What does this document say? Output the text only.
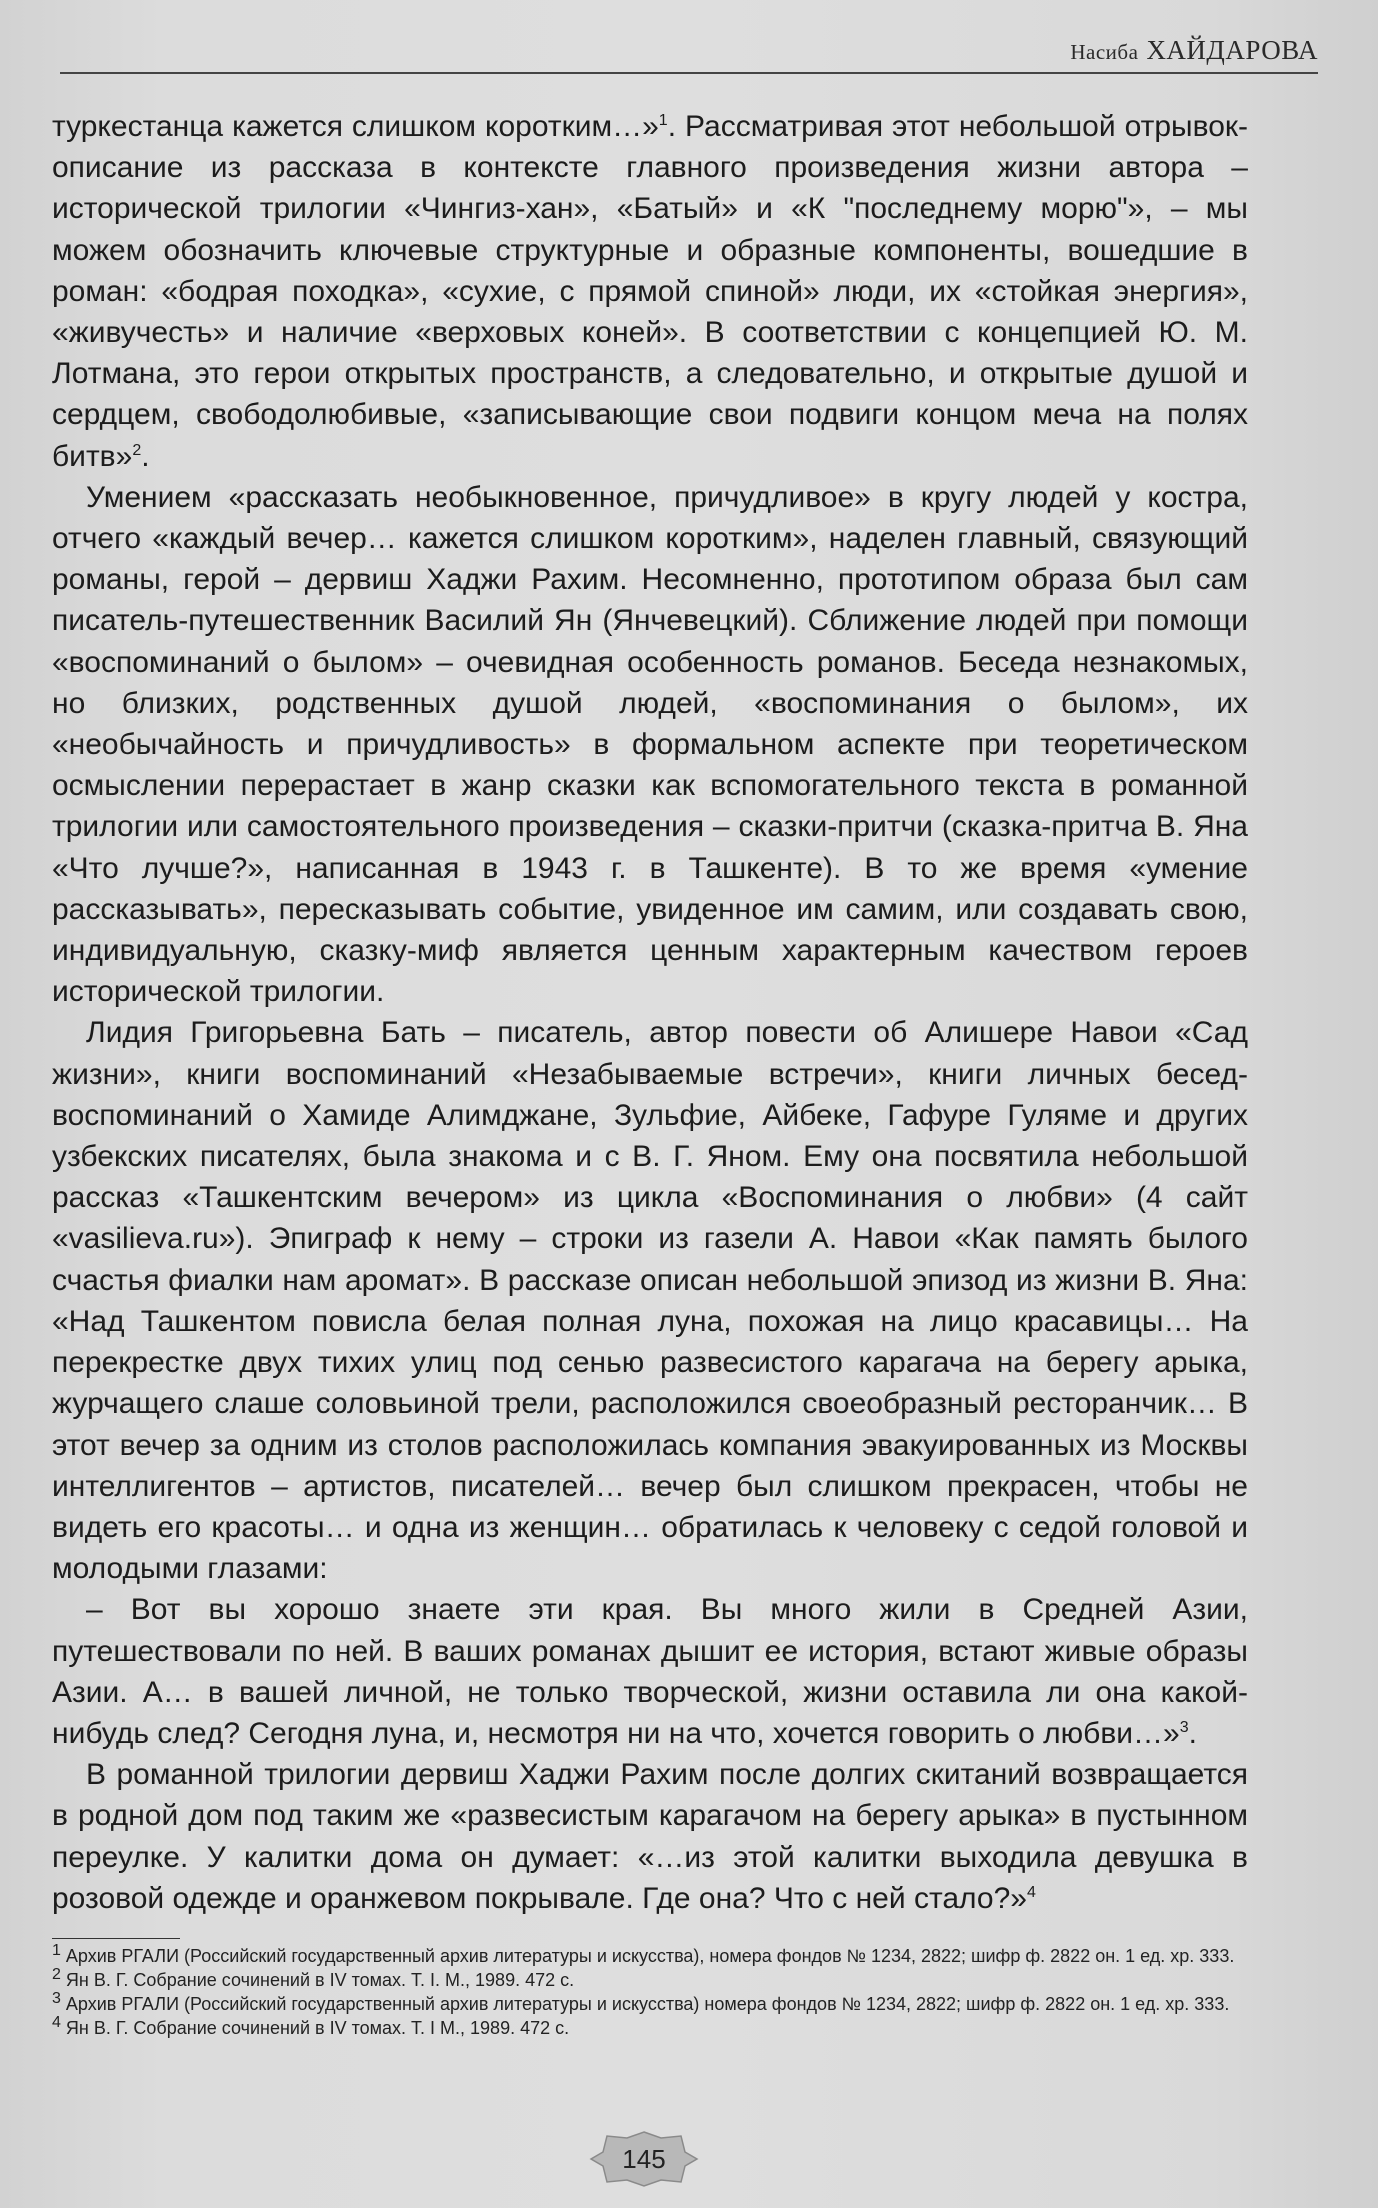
Насиба ХАЙДАРОВА

туркестанца кажется слишком коротким…»$^1$. Рассматривая этот небольшой отрывок-описание из рассказа в контексте главного произведения жизни автора – исторической трилогии «Чингиз-хан», «Батый» и «К "последнему морю"», – мы можем обозначить ключевые структурные и образные компоненты, вошедшие в роман: «бодрая походка», «сухие, с прямой спиной» люди, их «стойкая энергия», «живучесть» и наличие «верховых коней». В соответствии с концепцией Ю. М. Лотмана, это герои открытых пространств, а следовательно, и открытые душой и сердцем, свободолюбивые, «записывающие свои подвиги концом меча на полях битв»$^2$.

Умением «рассказать необыкновенное, причудливое» в кругу людей у костра, отчего «каждый вечер… кажется слишком коротким», наделен главный, связующий романы, герой – дервиш Хаджи Рахим. Несомненно, прототипом образа был сам писатель-путешественник Василий Ян (Янчевецкий). Сближение людей при помощи «воспоминаний о былом» – очевидная особенность романов. Беседа незнакомых, но близких, родственных душой людей, «воспоминания о былом», их «необычайность и причудливость» в формальном аспекте при теоретическом осмыслении перерастает в жанр сказки как вспомогательного текста в романной трилогии или самостоятельного произведения – сказки-притчи (сказка-притча В. Яна «Что лучше?», написанная в 1943 г. в Ташкенте). В то же время «умение рассказывать», пересказывать событие, увиденное им самим, или создавать свою, индивидуальную, сказку-миф является ценным характерным качеством героев исторической трилогии.

Лидия Григорьевна Бать – писатель, автор повести об Алишере Навои «Сад жизни», книги воспоминаний «Незабываемые встречи», книги личных бесед-воспоминаний о Хамиде Алимджане, Зульфие, Айбеке, Гафуре Гуляме и других узбекских писателях, была знакома и с В. Г. Яном. Ему она посвятила небольшой рассказ «Ташкентским вечером» из цикла «Воспоминания о любви» (4 сайт «vasilieva.ru»). Эпиграф к нему – строки из газели А. Навои «Как память былого счастья фиалки нам аромат». В рассказе описан небольшой эпизод из жизни В. Яна: «Над Ташкентом повисла белая полная луна, похожая на лицо красавицы… На перекрестке двух тихих улиц под сенью развесистого карагача на берегу арыка, журчащего слаше соловьиной трели, расположился своеобразный ресторанчик… В этот вечер за одним из столов расположилась компания эвакуированных из Москвы интеллигентов – артистов, писателей… вечер был слишком прекрасен, чтобы не видеть его красоты… и одна из женщин… обратилась к человеку с седой головой и молодыми глазами:

– Вот вы хорошо знаете эти края. Вы много жили в Средней Азии, путешествовали по ней. В ваших романах дышит ее история, встают живые образы Азии. А… в вашей личной, не только творческой, жизни оставила ли она какой-нибудь след? Сегодня луна, и, несмотря ни на что, хочется говорить о любви…»$^3$.

В романной трилогии дервиш Хаджи Рахим после долгих скитаний возвращается в родной дом под таким же «развесистым карагачом на берегу арыка» в пустынном переулке. У калитки дома он думает: «…из этой калитки выходила девушка в розовой одежде и оранжевом покрывале. Где она? Что с ней стало?»$^4$

$^1$ Архив РГАЛИ (Российский государственный архив литературы и искусства), номера фондов № 1234, 2822; шифр ф. 2822 он. 1 ед. хр. 333.
$^2$ Ян В. Г. Собрание сочинений в IV томах. Т. I. М., 1989. 472 с.
$^3$ Архив РГАЛИ (Российский государственный архив литературы и искусства) номера фондов № 1234, 2822; шифр ф. 2822 он. 1 ед. хр. 333.
$^4$ Ян В. Г. Собрание сочинений в IV томах. Т. I М., 1989. 472 с.
145
